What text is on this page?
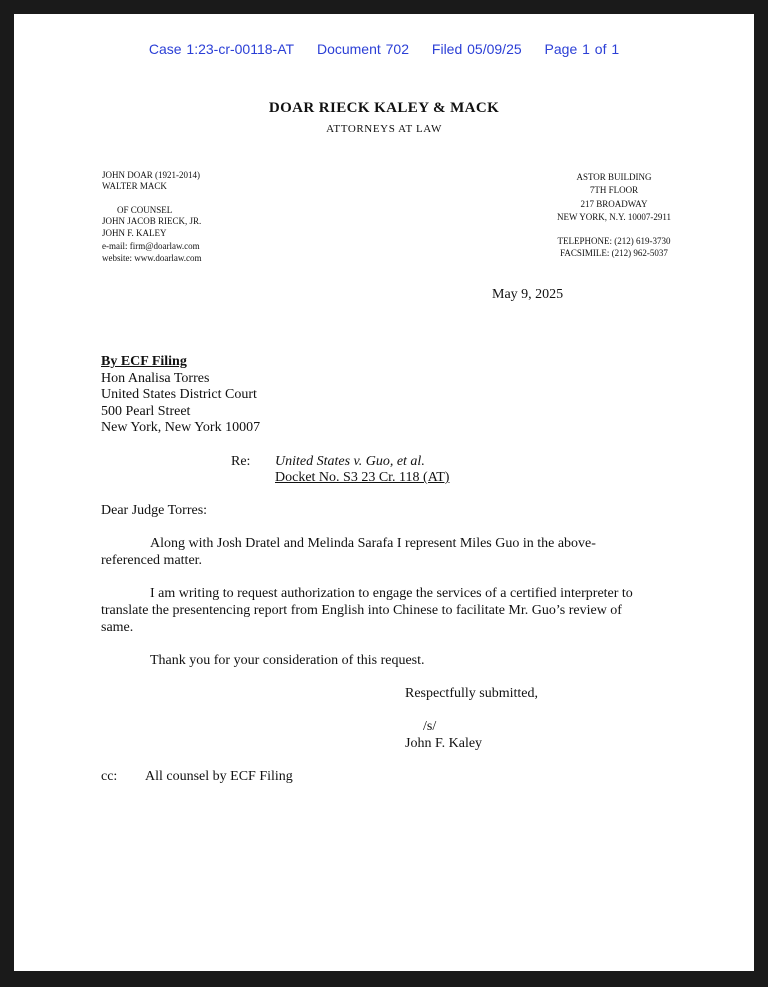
Case 1:23-cr-00118-AT Document 702 Filed 05/09/25 Page 1 of 1
DOAR RIECK KALEY & MACK
ATTORNEYS AT LAW
JOHN DOAR (1921-2014)
WALTER MACK
OF COUNSEL
JOHN JACOB RIECK, JR.
JOHN F. KALEY
e-mail: firm@doarlaw.com
website: www.doarlaw.com
ASTOR BUILDING
7TH FLOOR
217 BROADWAY
NEW YORK, N.Y. 10007-2911
TELEPHONE: (212) 619-3730
FACSIMILE: (212) 962-5037
May 9, 2025
By ECF Filing
Hon Analisa Torres
United States District Court
500 Pearl Street
New York, New York 10007
Re: United States v. Guo, et al.
Docket No. S3 23 Cr. 118 (AT)
Dear Judge Torres:
Along with Josh Dratel and Melinda Sarafa I represent Miles Guo in the above-
referenced matter.
I am writing to request authorization to engage the services of a certified interpreter to
translate the presentencing report from English into Chinese to facilitate Mr. Guo’s review of
same.
Thank you for your consideration of this request.
Respectfully submitted,
/s/
John F. Kaley
cc: All counsel by ECF Filing
